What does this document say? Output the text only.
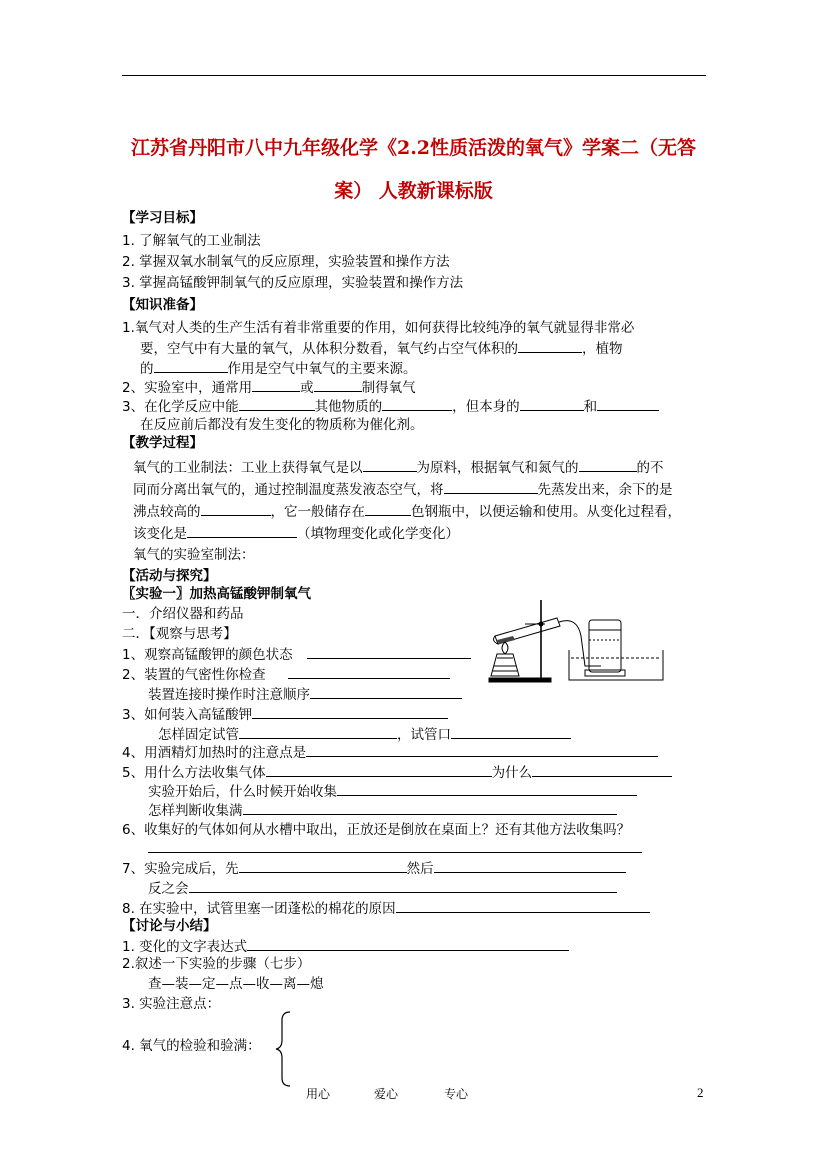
江苏省丹阳市八中九年级化学《2.2性质活泼的氧气》学案二（无答
案） 人教新课标版
【学习目标】
1. 了解氧气的工业制法
2. 掌握双氧水制氧气的反应原理，实验装置和操作方法
3. 掌握高锰酸钾制氧气的反应原理，实验装置和操作方法
【知识准备】
1.氧气对人类的生产生活有着非常重要的作用，如何获得比较纯净的氧气就显得非常必
要，空气中有大量的氧气，从体积分数看，氧气约占空气体积的	，植物
的	作用是空气中氧气的主要来源。
2、实验室中，通常用	或	制得氧气
3、在化学反应中能	其他物质的	，但本身的	和
在反应前后都没有发生变化的物质称为催化剂。
【教学过程】
氧气的工业制法：工业上获得氧气是以	为原料，根据氧气和氮气的	的不
同而分离出氧气的，通过控制温度蒸发液态空气，将	先蒸发出来，余下的是
沸点较高的	，它一般储存在	色钢瓶中，以便运输和使用。从变化过程看，
该变化是	（填物理变化或化学变化）
氧气的实验室制法：
【活动与探究】
〖实验一〗加热高锰酸钾制氧气
一．介绍仪器和药品
二．【观察与思考】
1、观察高锰酸钾的颜色状态
2、装置的气密性你检查
装置连接时操作时注意顺序
3、如何装入高锰酸钾
怎样固定试管	，试管口
4、用酒精灯加热时的注意点是
5、用什么方法收集气体	为什么
实验开始后，什么时候开始收集
怎样判断收集满
6、收集好的气体如何从水槽中取出，正放还是倒放在桌面上？还有其他方法收集吗？
7、实验完成后，先	然后
反之会
8. 在实验中，试管里塞一团蓬松的棉花的原因
【讨论与小结】
1. 变化的文字表达式
2.叙述一下实验的步骤（七步）
查—装—定—点—收—离—熄
3. 实验注意点：
4. 氧气的检验和验满：
用心	爱心	专心	2
